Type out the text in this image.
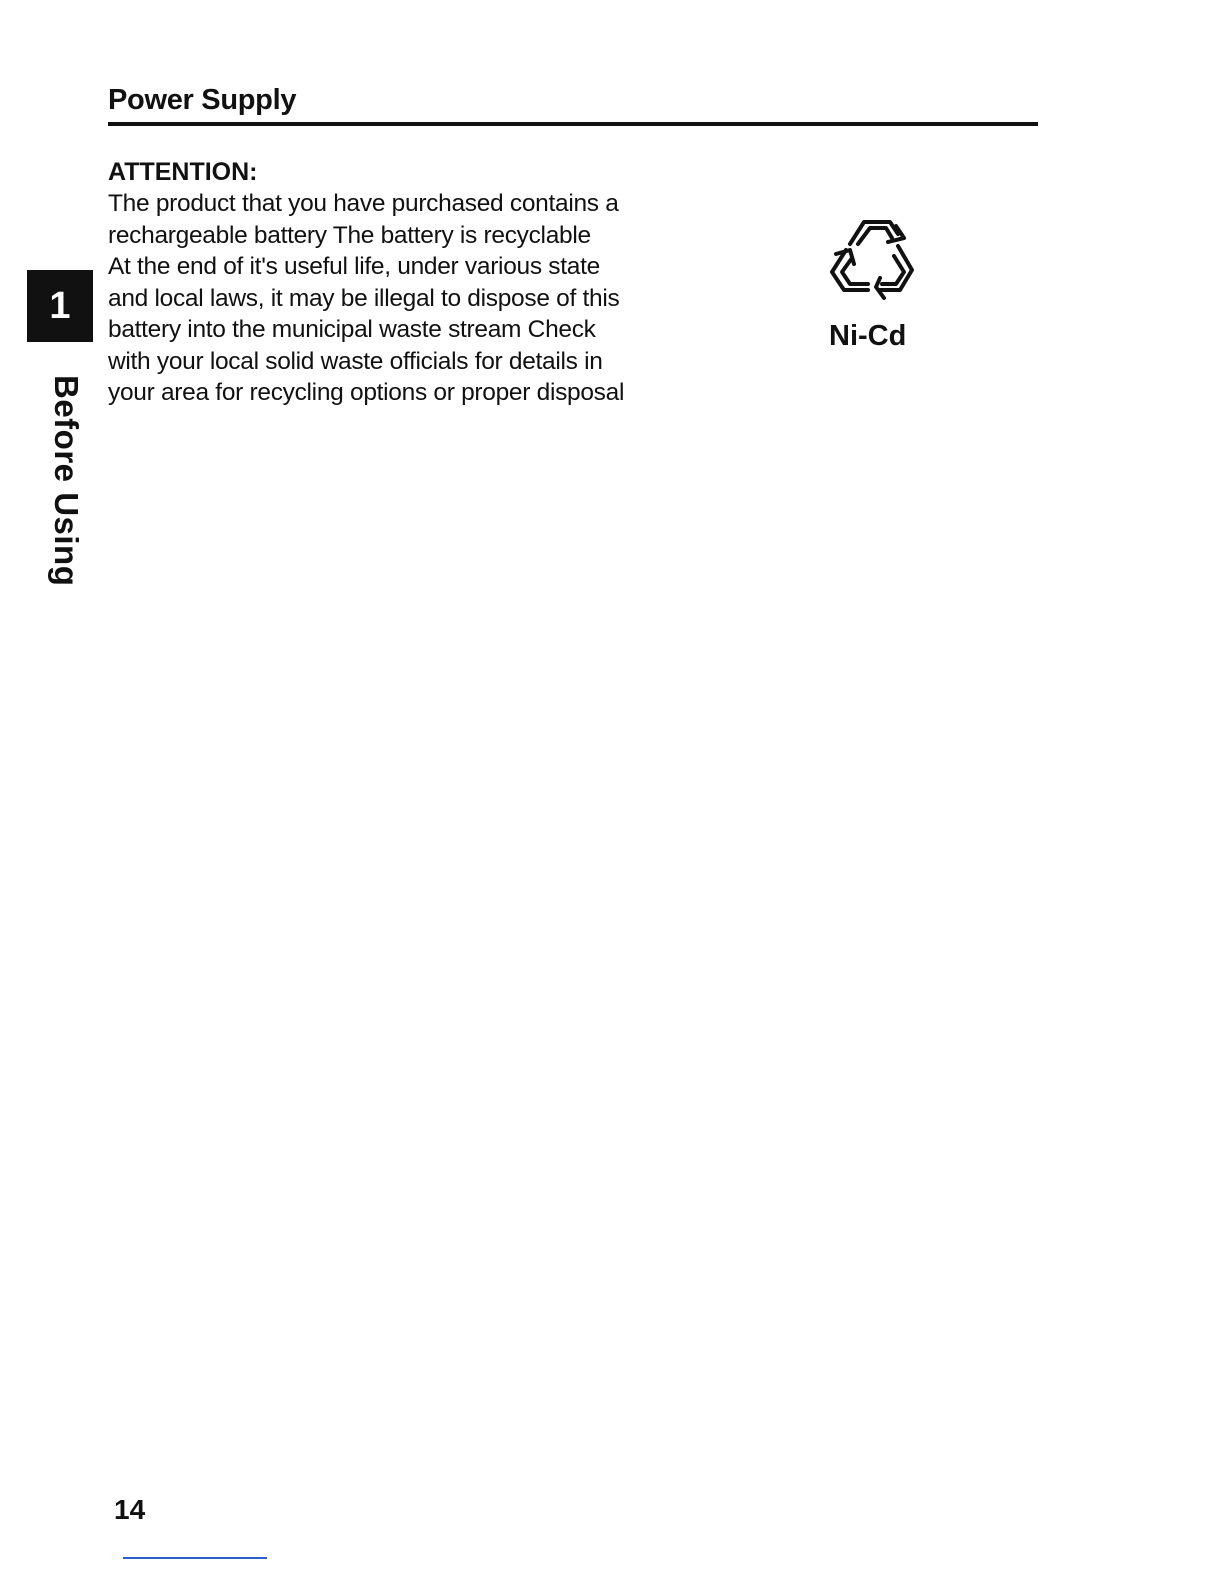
Power Supply
1
Before Using
ATTENTION:
The product that you have purchased contains a
rechargeable battery The battery is recyclable
At the end of it's useful life, under various state
and local laws, it may be illegal to dispose of this
battery into the municipal waste stream Check
with your local solid waste officials for details in
your area for recycling options or proper disposal
Ni-Cd
14
